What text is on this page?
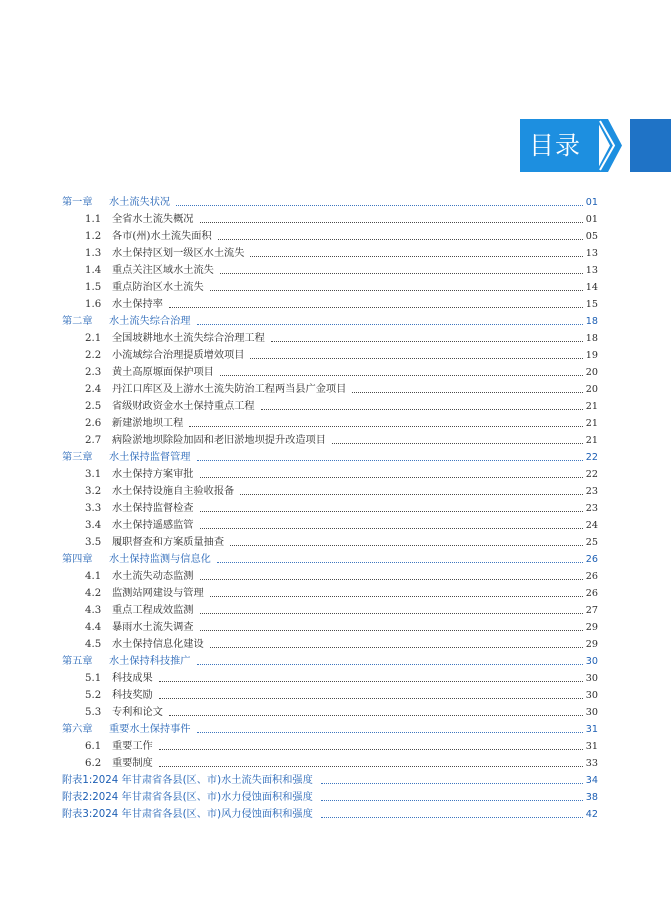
目录
第一章	水土流失状况	01
1.1	全省水土流失概况	01
1.2	各市(州)水土流失面积	05
1.3	水土保持区划一级区水土流失	13
1.4	重点关注区域水土流失	13
1.5	重点防治区水土流失	14
1.6	水土保持率	15
第二章	水土流失综合治理	18
2.1	全国坡耕地水土流失综合治理工程	18
2.2	小流域综合治理提质增效项目	19
2.3	黄土高原塬面保护项目	20
2.4	丹江口库区及上游水土流失防治工程两当县广金项目	20
2.5	省级财政资金水土保持重点工程	21
2.6	新建淤地坝工程	21
2.7	病险淤地坝除险加固和老旧淤地坝提升改造项目	21
第三章	水土保持监督管理	22
3.1	水土保持方案审批	22
3.2	水土保持设施自主验收报备	23
3.3	水土保持监督检查	23
3.4	水土保持遥感监管	24
3.5	履职督查和方案质量抽查	25
第四章	水土保持监测与信息化	26
4.1	水土流失动态监测	26
4.2	监测站网建设与管理	26
4.3	重点工程成效监测	27
4.4	暴雨水土流失调查	29
4.5	水土保持信息化建设	29
第五章	水土保持科技推广	30
5.1	科技成果	30
5.2	科技奖励	30
5.3	专利和论文	30
第六章	重要水土保持事件	31
6.1	重要工作	31
6.2	重要制度	33
附表1:2024 年甘肃省各县(区、市)水土流失面积和强度	34
附表2:2024 年甘肃省各县(区、市)水力侵蚀面积和强度	38
附表3:2024 年甘肃省各县(区、市)风力侵蚀面积和强度	42
